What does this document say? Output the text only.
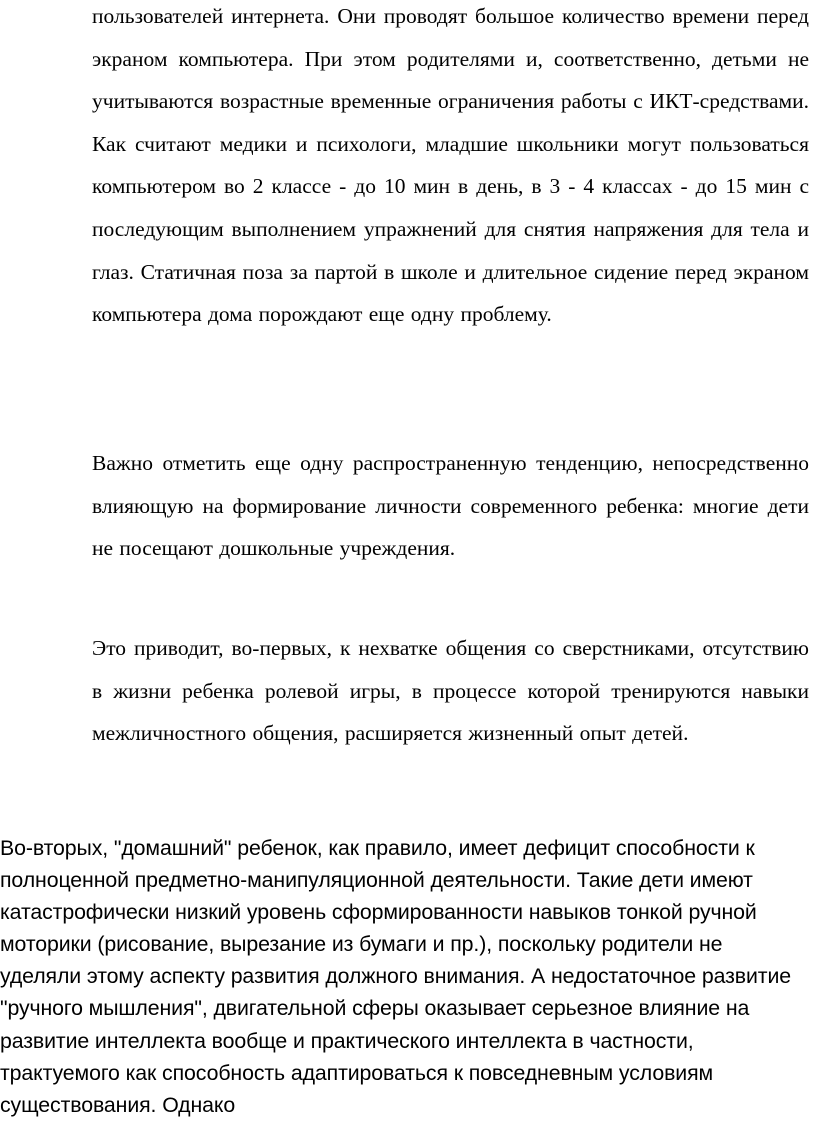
пользователей интернета. Они проводят большое количество времени перед экраном компьютера. При этом родителями и, соответственно, детьми не учитываются возрастные временные ограничения работы с ИКТ-средствами. Как считают медики и психологи, младшие школьники могут пользоваться компьютером во 2 классе - до 10 мин в день, в 3 - 4 классах - до 15 мин с последующим выполнением упражнений для снятия напряжения для тела и глаз. Статичная поза за партой в школе и длительное сидение перед экраном компьютера дома порождают еще одну проблему.

Важно отметить еще одну распространенную тенденцию, непосредственно влияющую на формирование личности современного ребенка: многие дети не посещают дошкольные учреждения.

Это приводит, во-первых, к нехватке общения со сверстниками, отсутствию в жизни ребенка ролевой игры, в процессе которой тренируются навыки межличностного общения, расширяется жизненный опыт детей.

Во-вторых, "домашний" ребенок, как правило, имеет дефицит способности к полноценной предметно-манипуляционной деятельности. Такие дети имеют катастрофически низкий уровень сформированности навыков тонкой ручной моторики (рисование, вырезание из бумаги и пр.), поскольку родители не уделяли этому аспекту развития должного внимания. А недостаточное развитие "ручного мышления", двигательной сферы оказывает серьезное влияние на развитие интеллекта вообще и практического интеллекта в частности, трактуемого как способность адаптироваться к повседневным условиям существования. Однако
